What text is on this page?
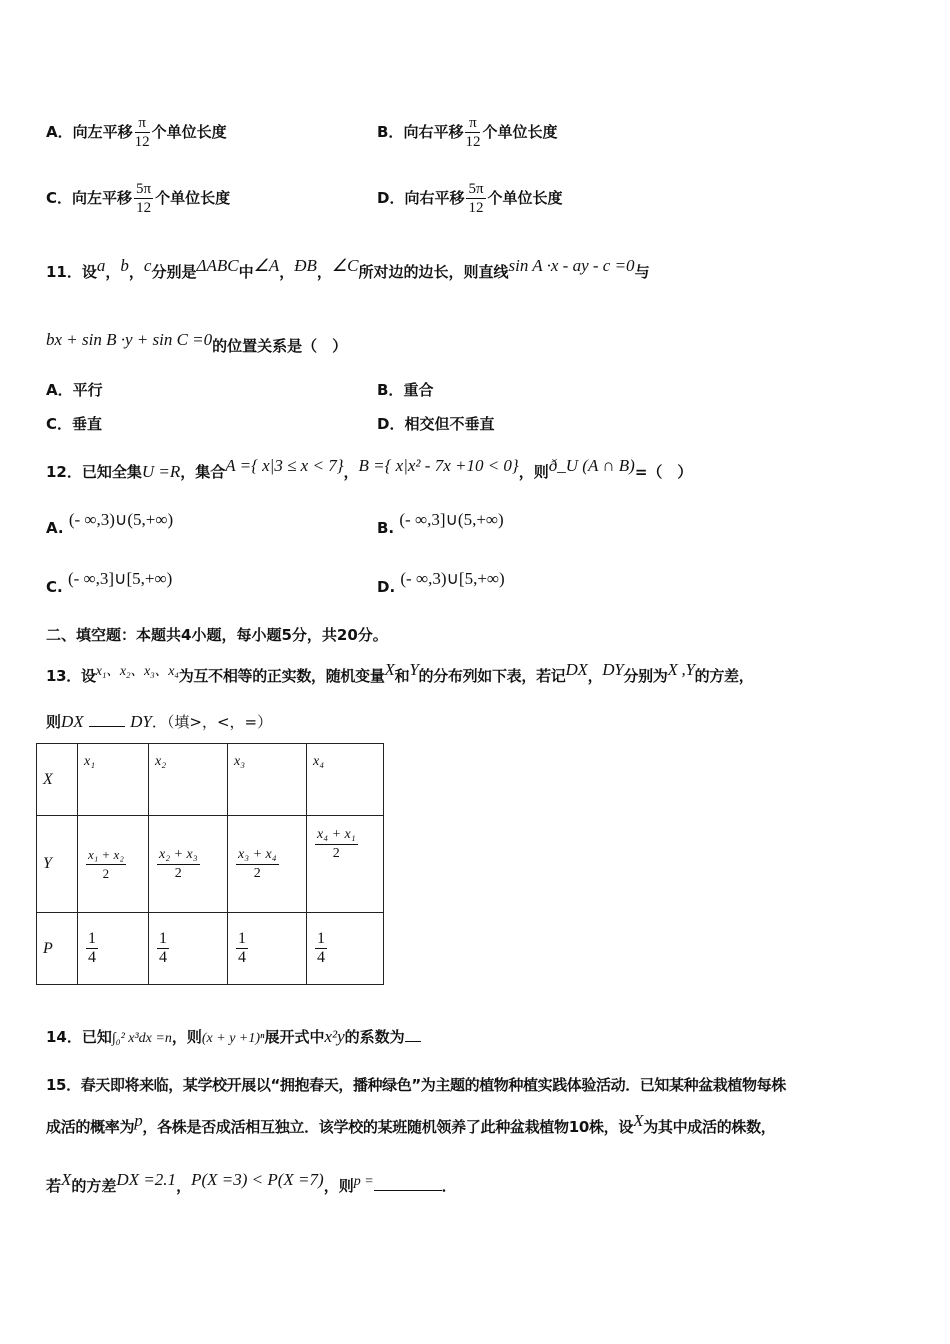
A．向左平移 $\frac{\pi}{12}$ 个单位长度	B．向右平移 $\frac{\pi}{12}$ 个单位长度
C．向左平移 $\frac{5\pi}{12}$ 个单位长度	D．向右平移 $\frac{5\pi}{12}$ 个单位长度
11．设a，b，c分别是ΔABC中∠A，ÐB，∠C所对边的边长，则直线sin A ·x - ay - c =0与
bx + sin B ·y + sin C =0的位置关系是（　）
A．平行	B．重合
C．垂直	D．相交但不垂直
12．已知全集U =R，集合A ={ x|3 ≤ x < 7}，B ={ x|x² - 7x +10 < 0}，则ð_U (A ∩ B)=（　）
A. (- ∞,3)∪(5,+∞)	B. (- ∞,3]∪(5,+∞)
C. (- ∞,3]∪[5,+∞)	D. (- ∞,3)∪[5,+∞)
二、填空题：本题共4小题，每小题5分，共20分。
13．设x₁、x₂、x₃、x₄为互不相等的正实数，随机变量X和Y的分布列如下表，若记DX，DY分别为X ,Y的方差，
则DX	DY．（填>，<，=）
X	x₁	x₂	x₃	x₄
Y	$\frac{\text{x₁ + x₂}}{2}$	$\frac{\text{x₂ + x₃}}{2}$	$\frac{\text{x₃ + x₄}}{2}$	$\frac{\text{x₄ + x₁}}{2}$

P	$\frac{1}{4}$	$\frac{1}{4}$	$\frac{1}{4}$	$\frac{1}{4}$
14．已知∫₀² x³dx =n，则(x + y +1)ⁿ展开式中x²y的系数为
15．春天即将来临，某学校开展以“拥抱春天，播种绿色”为主题的植物种植实践体验活动．已知某种盆栽植物每株
成活的概率为p，各株是否成活相互独立．该学校的某班随机领养了此种盆栽植物10株，设X为其中成活的株数，
若X的方差DX =2.1，P(X =3) < P(X =7)，则p =	．
